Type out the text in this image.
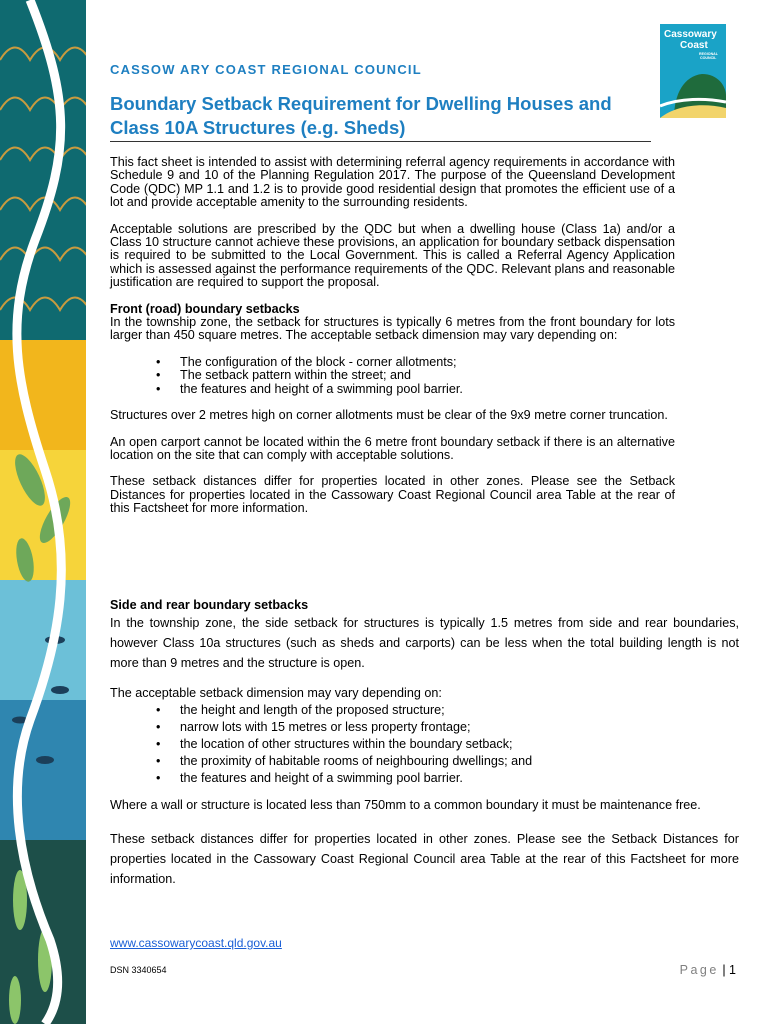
Cassowary
Coast
REGIONAL
COUNCIL
CASSOW ARY COAST REGIONAL COUNCIL
Boundary Setback Requirement for Dwelling Houses and Class 10A Structures (e.g. Sheds)

This fact sheet is intended to assist with determining referral agency requirements in accordance with Schedule 9 and 10 of the Planning Regulation 2017. The purpose of the Queensland Development Code (QDC) MP 1.1 and 1.2 is to provide good residential design that promotes the efficient use of a lot and provide acceptable amenity to the surrounding residents.

Acceptable solutions are prescribed by the QDC but when a dwelling house (Class 1a) and/or a Class 10 structure cannot achieve these provisions, an application for boundary setback dispensation is required to be submitted to the Local Government. This is called a Referral Agency Application which is assessed against the performance requirements of the QDC. Relevant plans and reasonable justification are required to support the proposal.

Front (road) boundary setbacks

In the township zone, the setback for structures is typically 6 metres from the front boundary for lots larger than 450 square metres. The acceptable setback dimension may vary depending on:

• The configuration of the block - corner allotments;
• The setback pattern within the street; and
• the features and height of a swimming pool barrier.

Structures over 2 metres high on corner allotments must be clear of the 9x9 metre corner truncation.

An open carport cannot be located within the 6 metre front boundary setback if there is an alternative location on the site that can comply with acceptable solutions.

These setback distances differ for properties located in other zones. Please see the Setback Distances for properties located in the Cassowary Coast Regional Council area Table at the rear of this Factsheet for more information.

Side and rear boundary setbacks

In the township zone, the side setback for structures is typically 1.5 metres from side and rear boundaries, however Class 10a structures (such as sheds and carports) can be less when the total building length is not more than 9 metres and the structure is open.

The acceptable setback dimension may vary depending on:

• the height and length of the proposed structure;
• narrow lots with 15 metres or less property frontage;
• the location of other structures within the boundary setback;
• the proximity of habitable rooms of neighbouring dwellings; and
• the features and height of a swimming pool barrier.

Where a wall or structure is located less than 750mm to a common boundary it must be maintenance free.

These setback distances differ for properties located in other zones. Please see the Setback Distances for properties located in the Cassowary Coast Regional Council area Table at the rear of this Factsheet for more information.

www.cassowarycoast.qld.gov.au
DSN 3340654	Page | 1
